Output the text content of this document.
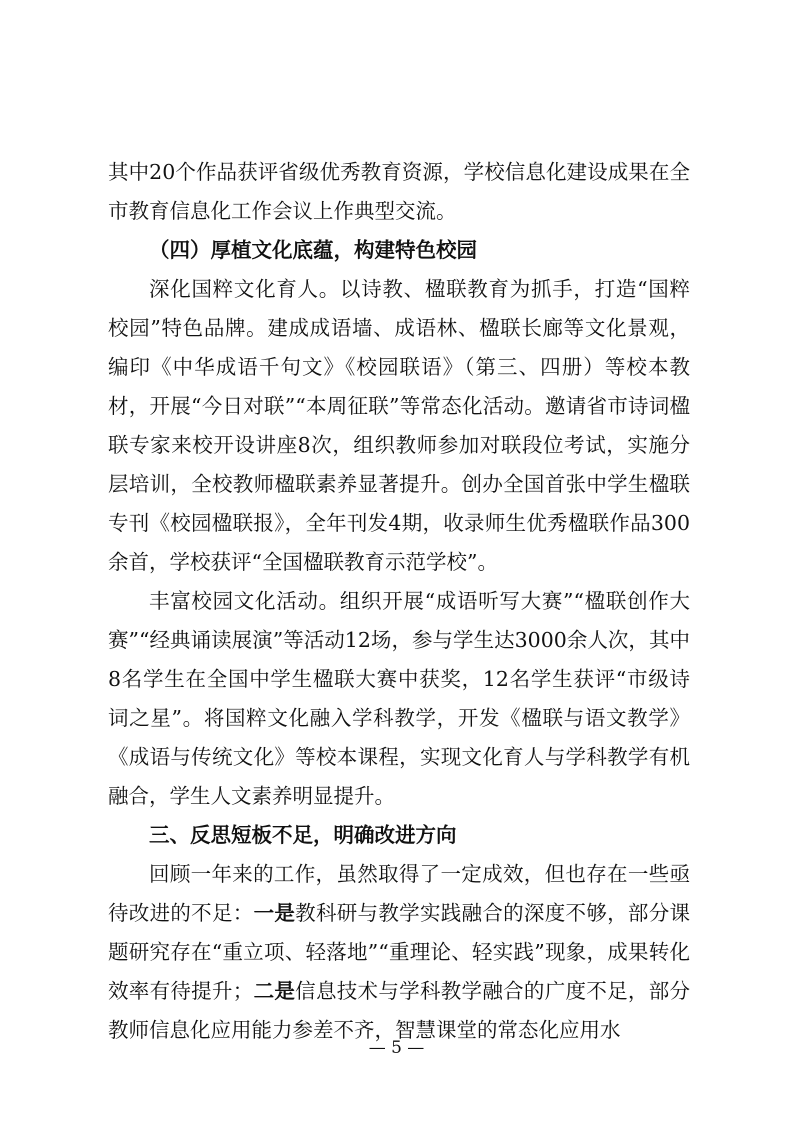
其中20个作品获评省级优秀教育资源，学校信息化建设成果在全市教育信息化工作会议上作典型交流。

（四）厚植文化底蕴，构建特色校园

深化国粹文化育人。以诗教、楹联教育为抓手，打造“国粹校园”特色品牌。建成成语墙、成语林、楹联长廊等文化景观，编印《中华成语千句文》《校园联语》（第三、四册）等校本教材，开展“今日对联”“本周征联”等常态化活动。邀请省市诗词楹联专家来校开设讲座8次，组织教师参加对联段位考试，实施分层培训，全校教师楹联素养显著提升。创办全国首张中学生楹联专刊《校园楹联报》，全年刊发4期，收录师生优秀楹联作品300余首，学校获评“全国楹联教育示范学校”。

丰富校园文化活动。组织开展“成语听写大赛”“楹联创作大赛”“经典诵读展演”等活动12场，参与学生达3000余人次，其中8名学生在全国中学生楹联大赛中获奖，12名学生获评“市级诗词之星”。将国粹文化融入学科教学，开发《楹联与语文教学》《成语与传统文化》等校本课程，实现文化育人与学科教学有机融合，学生人文素养明显提升。

三、反思短板不足，明确改进方向

回顾一年来的工作，虽然取得了一定成效，但也存在一些亟待改进的不足：一是教科研与教学实践融合的深度不够，部分课题研究存在“重立项、轻落地”“重理论、轻实践”现象，成果转化效率有待提升；二是信息技术与学科教学融合的广度不足，部分教师信息化应用能力参差不齐，智慧课堂的常态化应用水

— 5 —
